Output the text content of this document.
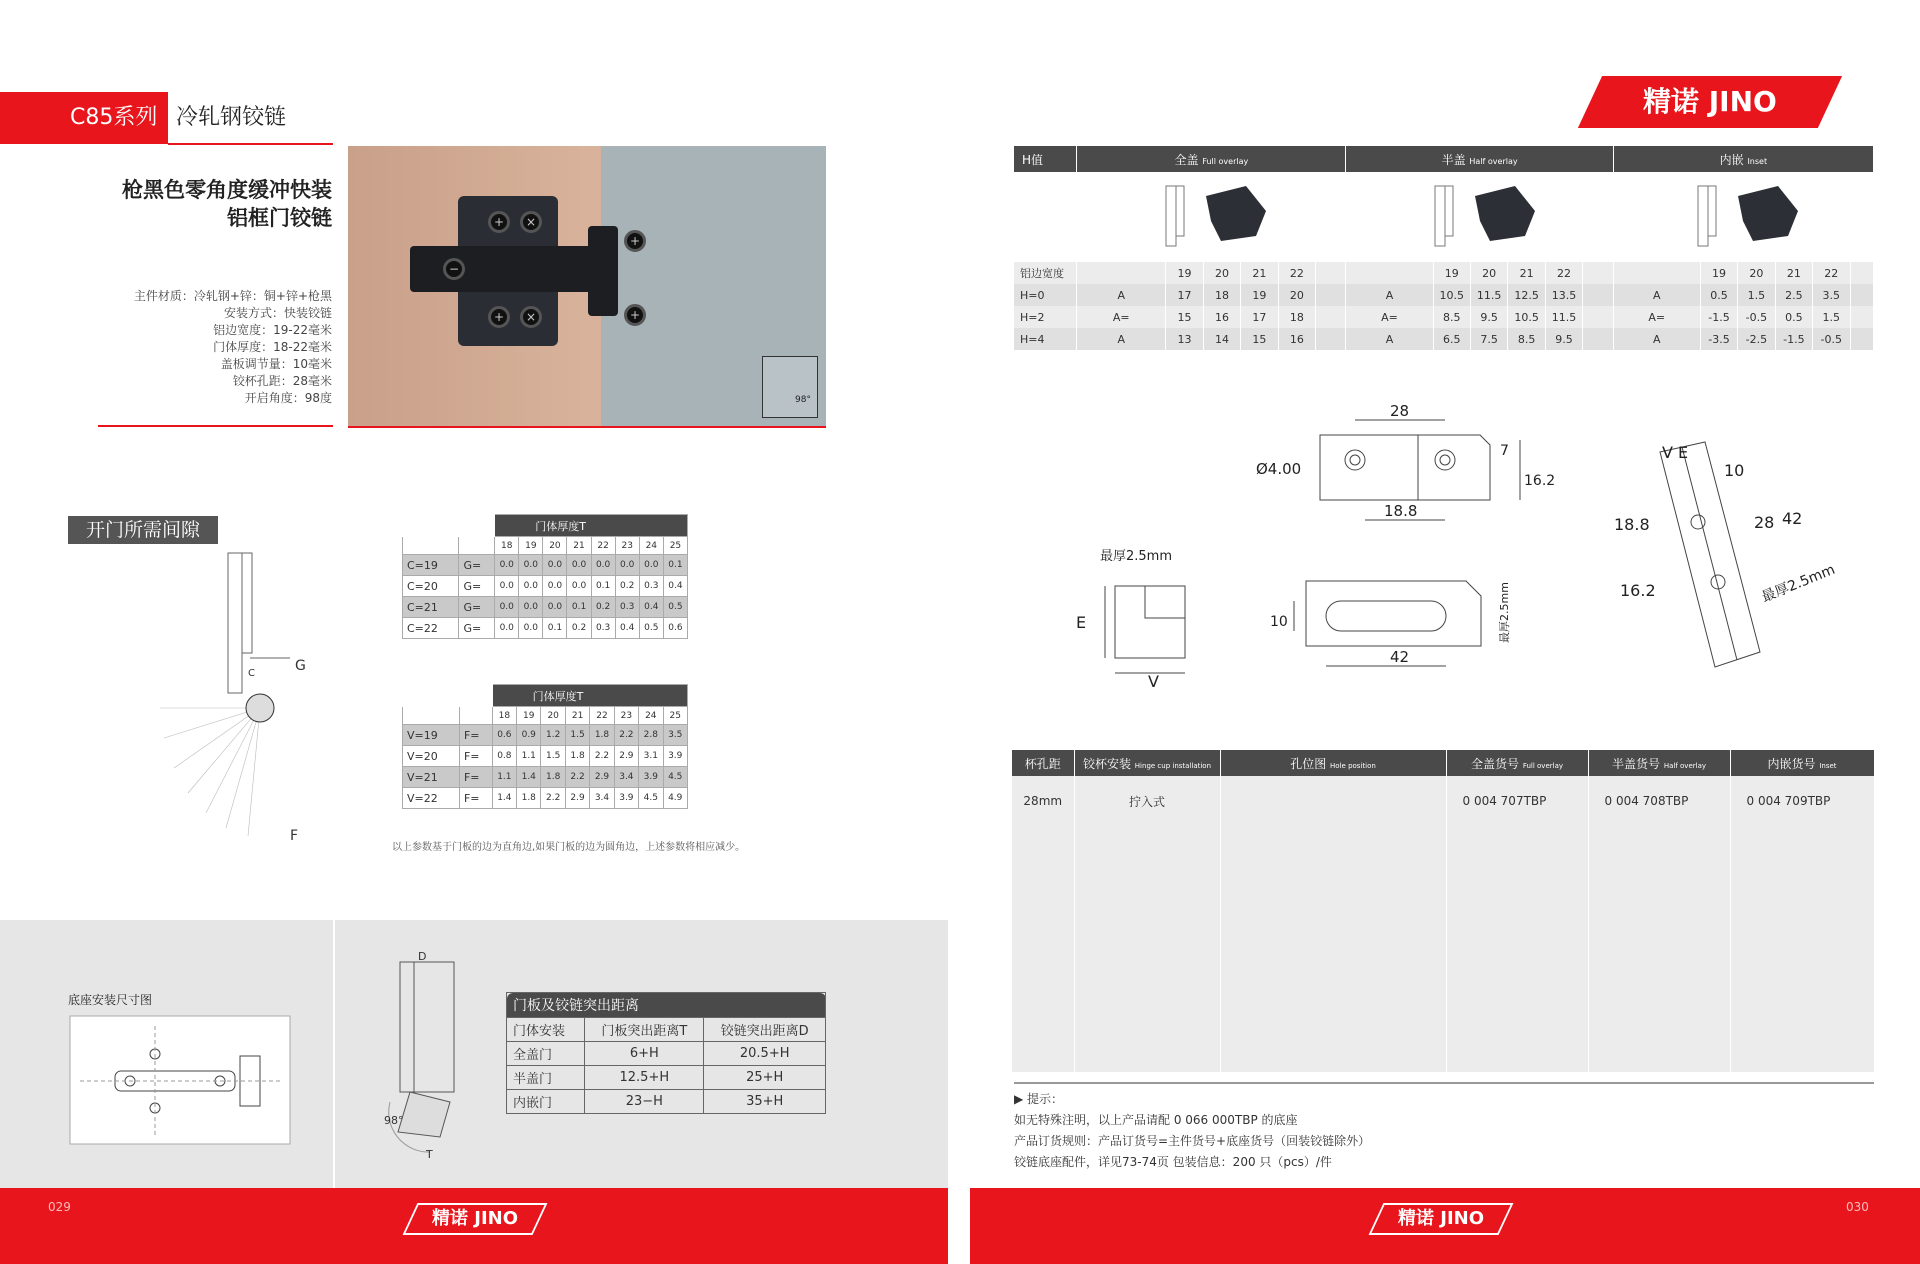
C85系列 冷轧钢铰链
枪黑色零角度缓冲快装
铝框门铰链
主件材质：冷轧钢+锌：铜+锌+枪黑
安装方式：快装铰链
铝边宽度：19-22毫米
门体厚度：18-22毫米
盖板调节量：10毫米
铰杯孔距：28毫米
开启角度：98度
+	×
−
+	×
+
+
98°
开门所需间隙
G
C
F
		门体厚度T							
		18	19	20	21	22	23	24	25
C=19	G=	0.0	0.0	0.0	0.0	0.0	0.0	0.0	0.1
C=20	G=	0.0	0.0	0.0	0.0	0.1	0.2	0.3	0.4
C=21	G=	0.0	0.0	0.0	0.1	0.2	0.3	0.4	0.5
C=22	G=	0.0	0.0	0.1	0.2	0.3	0.4	0.5	0.6
		门体厚度T							
		18	19	20	21	22	23	24	25
V=19	F=	0.6	0.9	1.2	1.5	1.8	2.2	2.8	3.5
V=20	F=	0.8	1.1	1.5	1.8	2.2	2.9	3.1	3.9
V=21	F=	1.1	1.4	1.8	2.2	2.9	3.4	3.9	4.5
V=22	F=	1.4	1.8	2.2	2.9	3.4	3.9	4.5	4.9
以上参数基于门板的边为直角边,如果门板的边为圆角边，上述参数将相应减少。
底座安装尺寸图
D
98°
T
门板及铰链突出距离		
门体安装	门板突出距离T	铰链突出距离D
全盖门	6+H	20.5+H
半盖门	12.5+H	25+H
内嵌门	23−H	35+H
029
精诺 JINO
精诺 JINO
H值	全盖 Full overlay						半盖 Half overlay						内嵌 Inset					

铝边宽度		19	20	21	22			19	20	21	22			19	20	21	22	
H=0	A	17	18	19	20		A	10.5	11.5	12.5	13.5		A	0.5	1.5	2.5	3.5	
H=2	A=	15	16	17	18		A=	8.5	9.5	10.5	11.5		A=	-1.5	-0.5	0.5	1.5	
H=4	A	13	14	15	16		A	6.5	7.5	8.5	9.5		A	-3.5	-2.5	-1.5	-0.5	
28
Ø4.00
7
16.2
18.8
最厚2.5mm
E
V
10
42
最厚2.5mm
V E
10
42
28
18.8
16.2	最厚2.5mm
杯孔距	铰杯安装 Hinge cup installation	孔位图 Hole position	全盖货号 Full overlay	半盖货号 Half overlay	内嵌货号 Inset
28mm	拧入式		0 004 707TBP	0 004 708TBP	0 004 709TBP

▶ 提示：
如无特殊注明，以上产品请配 0 066 000TBP 的底座
产品订货规则：产品订货号=主件货号+底座货号（回装铰链除外）
铰链底座配件，详见73-74页 包装信息：200 只（pcs）/件
030
精诺 JINO
